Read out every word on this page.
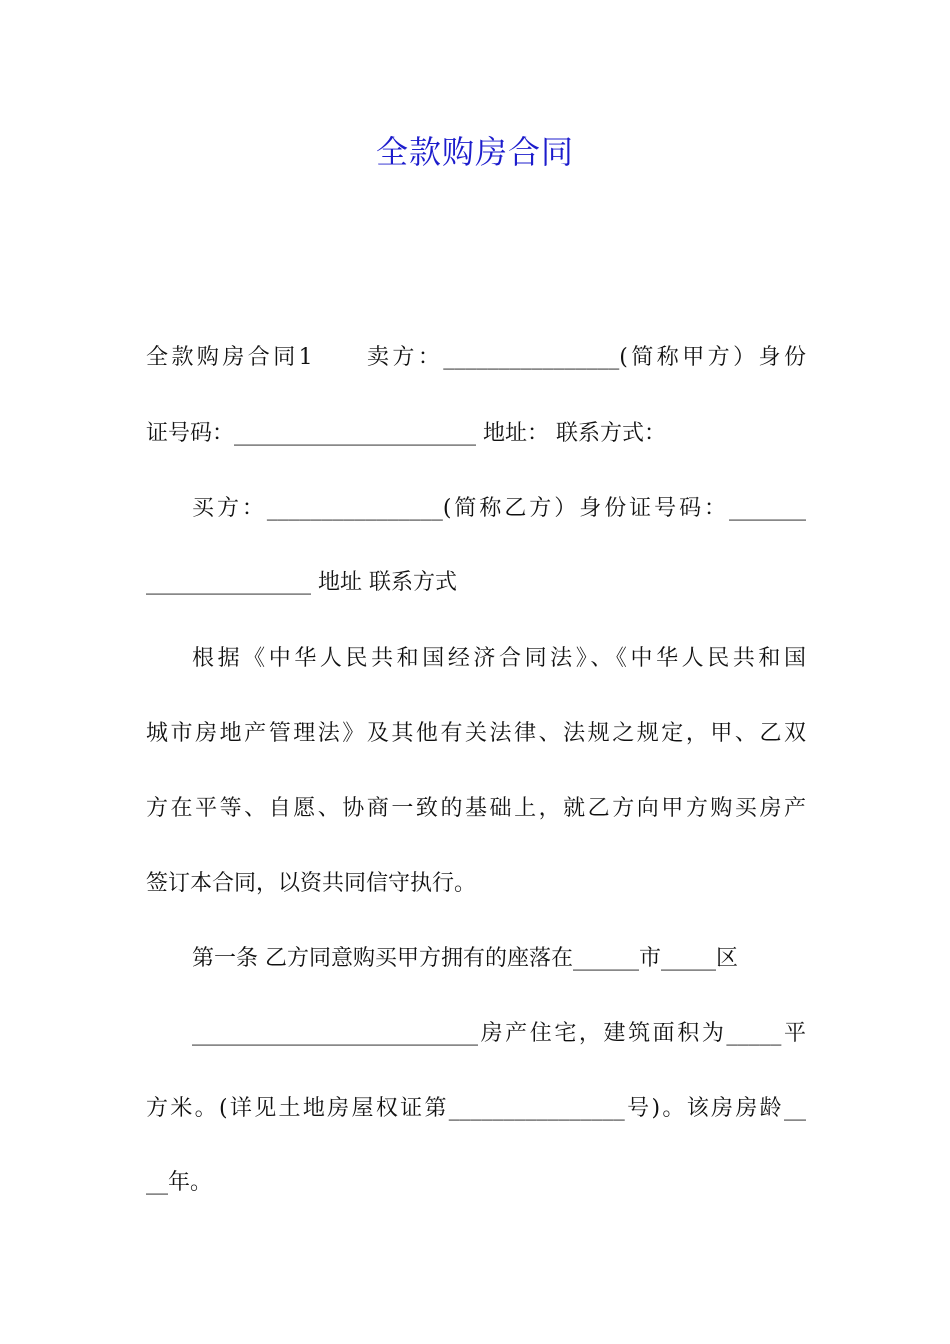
全款购房合同
全款购房合同1　　卖方：________________(简称甲方）身份
证号码：______________________ 地址： 联系方式：
买方：________________(简称乙方）身份证号码：_______
_______________ 地址 联系方式
根据《中华人民共和国经济合同法》、《中华人民共和国
城市房地产管理法》及其他有关法律、法规之规定，甲、乙双
方在平等、自愿、协商一致的基础上，就乙方向甲方购买房产
签订本合同，以资共同信守执行。
第一条 乙方同意购买甲方拥有的座落在______市_____区
__________________________房产住宅，建筑面积为_____平
方米。(详见土地房屋权证第________________号)。该房房龄__
__年。
